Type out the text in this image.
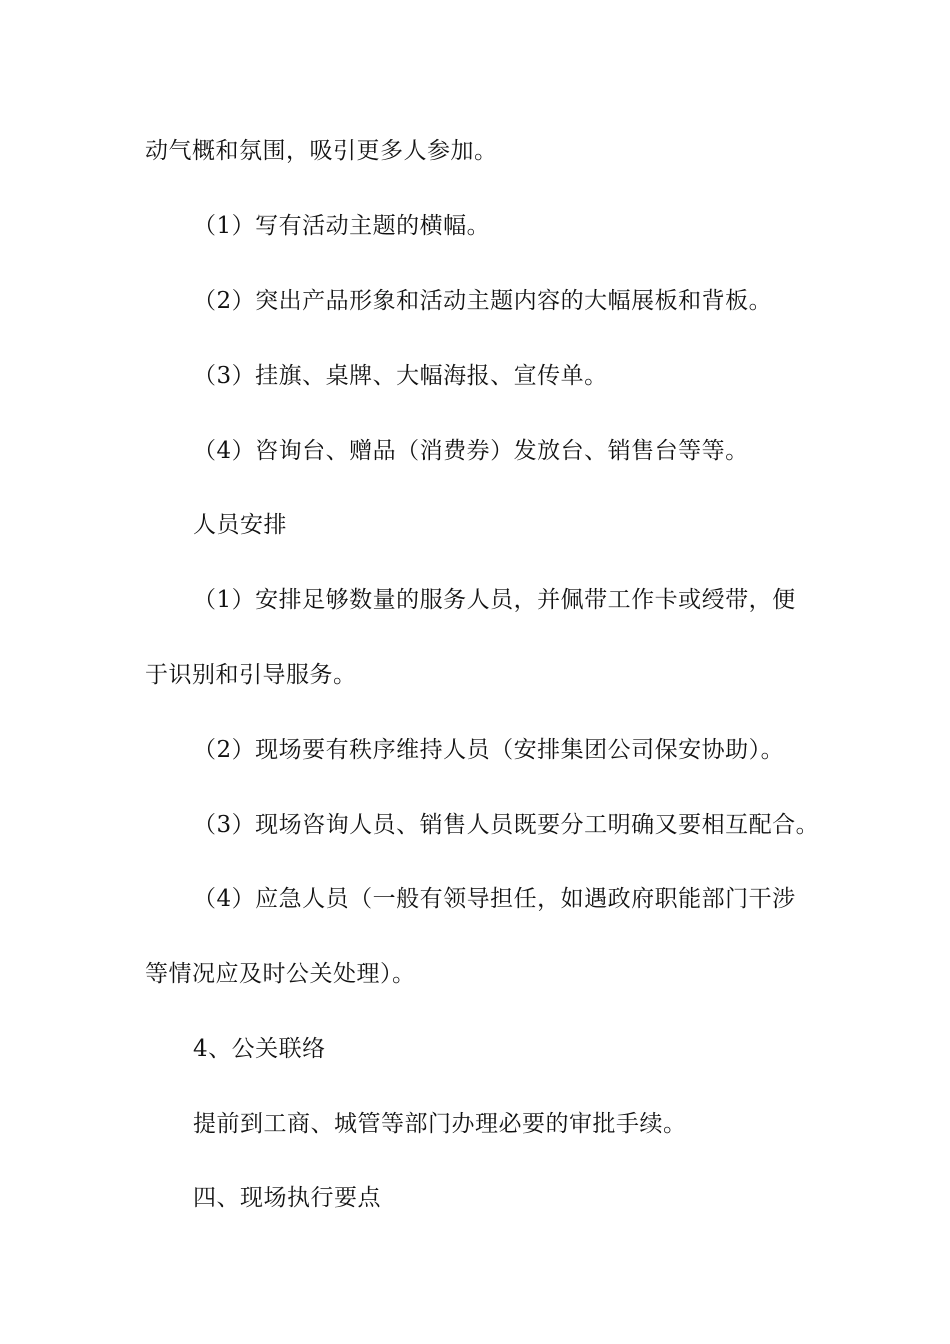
动气概和氛围，吸引更多人参加。
（1）写有活动主题的横幅。
（2）突出产品形象和活动主题内容的大幅展板和背板。
（3）挂旗、桌牌、大幅海报、宣传单。
（4）咨询台、赠品（消费券）发放台、销售台等等。
人员安排
（1）安排足够数量的服务人员，并佩带工作卡或绶带，便
于识别和引导服务。
（2）现场要有秩序维持人员（安排集团公司保安协助）。
（3）现场咨询人员、销售人员既要分工明确又要相互配合。
（4）应急人员（一般有领导担任，如遇政府职能部门干涉
等情况应及时公关处理）。
4、公关联络
提前到工商、城管等部门办理必要的审批手续。
四、现场执行要点
